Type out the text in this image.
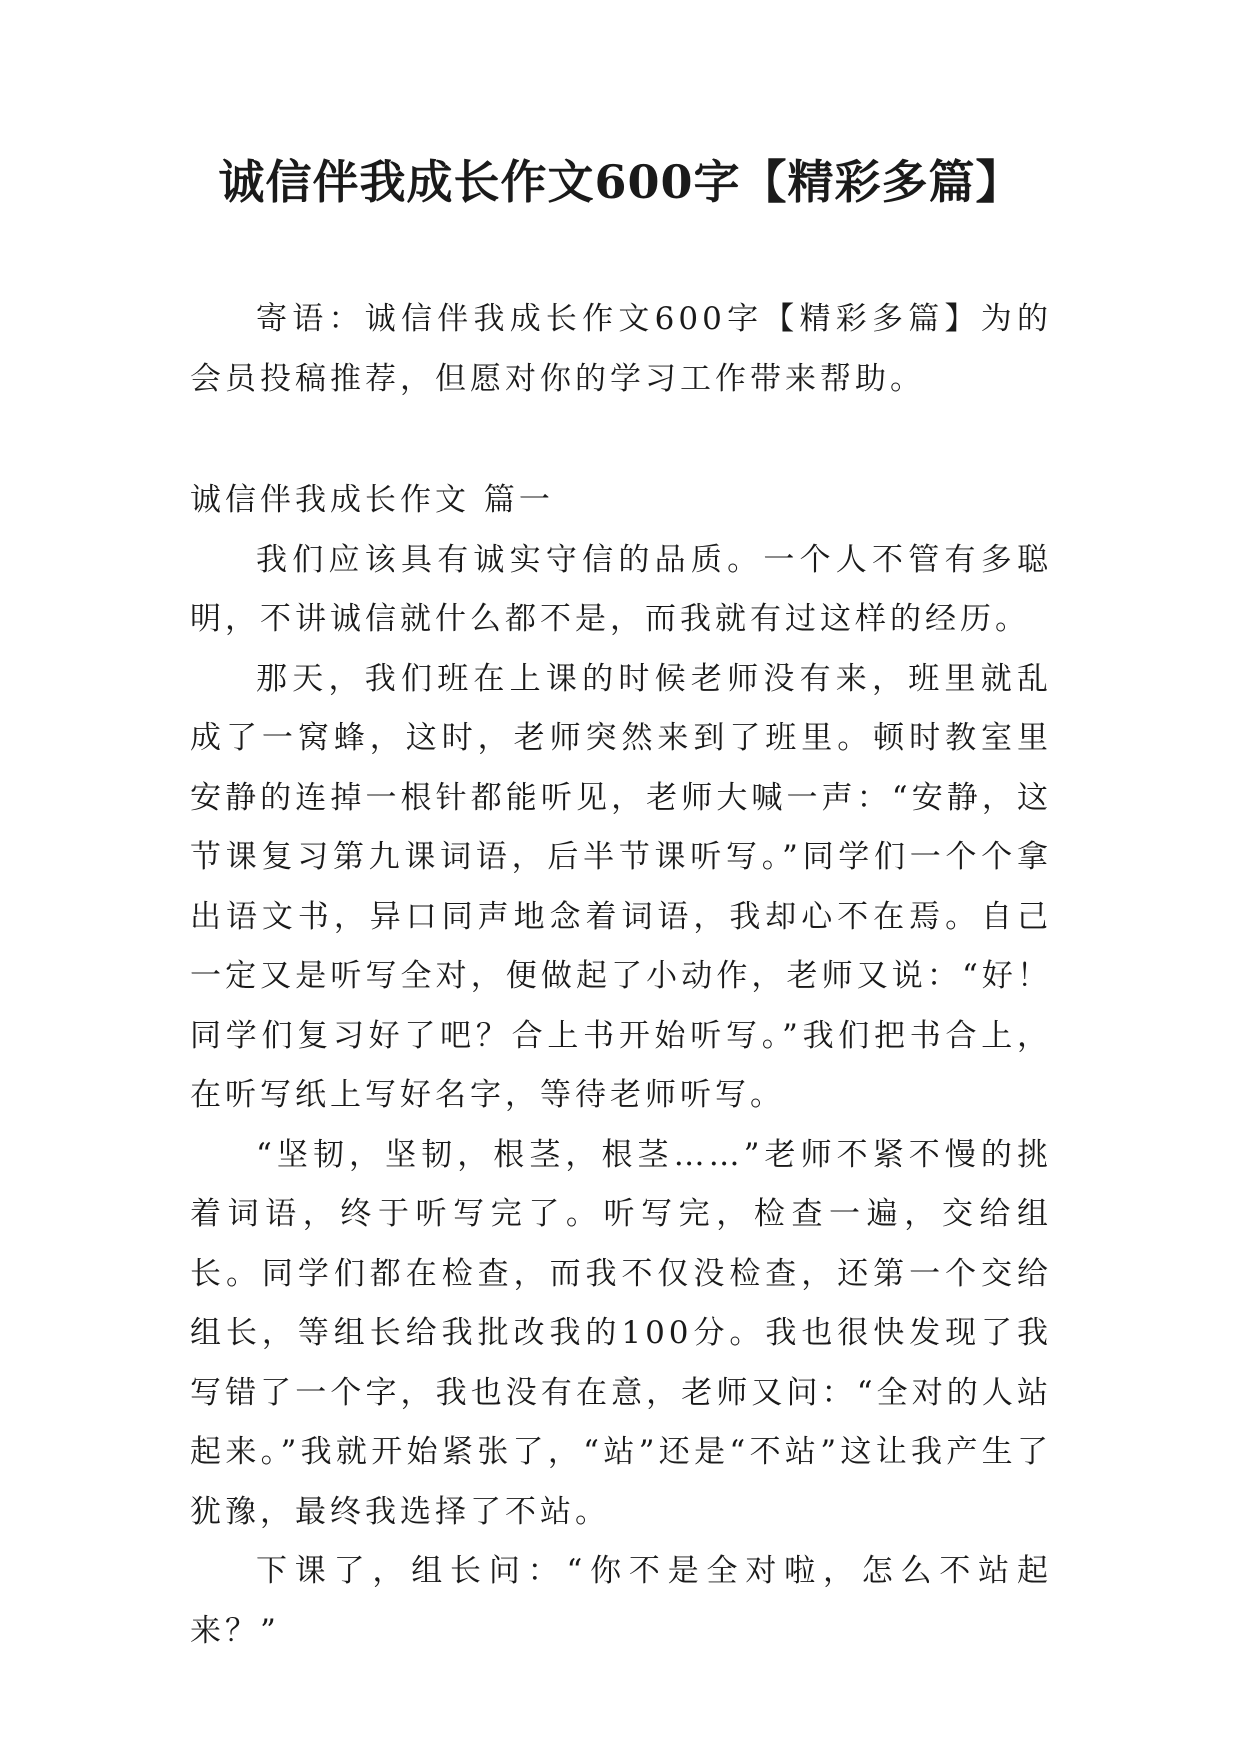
诚信伴我成长作文600字【精彩多篇】

寄语：诚信伴我成长作文600字【精彩多篇】为的会员投稿推荐，但愿对你的学习工作带来帮助。

诚信伴我成长作文 篇一

我们应该具有诚实守信的品质。一个人不管有多聪明，不讲诚信就什么都不是，而我就有过这样的经历。

那天，我们班在上课的时候老师没有来，班里就乱成了一窝蜂，这时，老师突然来到了班里。顿时教室里安静的连掉一根针都能听见，老师大喊一声：“安静，这节课复习第九课词语，后半节课听写。”同学们一个个拿出语文书，异口同声地念着词语，我却心不在焉。自己一定又是听写全对，便做起了小动作，老师又说：“好！同学们复习好了吧？合上书开始听写。”我们把书合上，在听写纸上写好名字，等待老师听写。

“坚韧，坚韧，根茎，根茎……”老师不紧不慢的挑着词语，终于听写完了。听写完，检查一遍，交给组长。同学们都在检查，而我不仅没检查，还第一个交给组长，等组长给我批改我的100分。我也很快发现了我写错了一个字，我也没有在意，老师又问：“全对的人站起来。”我就开始紧张了，“站”还是“不站”这让我产生了犹豫，最终我选择了不站。

下课了，组长问：“你不是全对啦，怎么不站起来？”
